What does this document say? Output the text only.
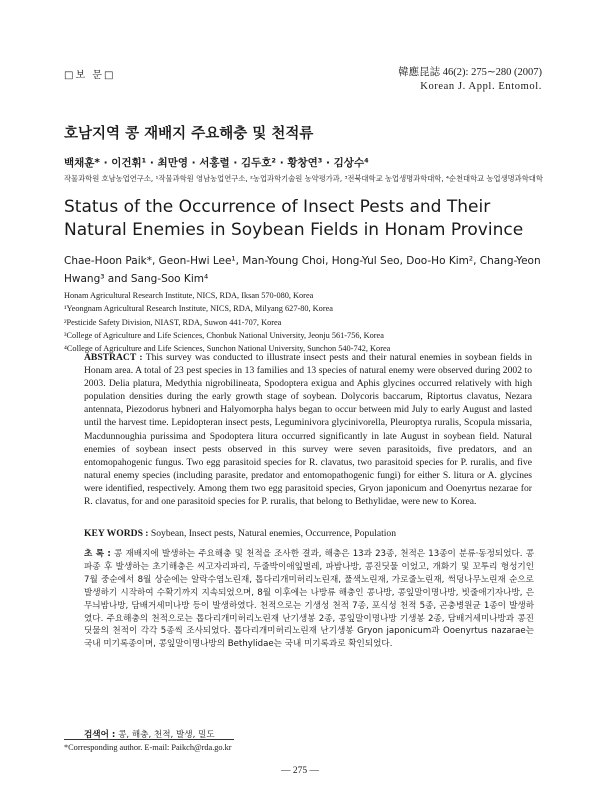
□보 문□	韓應昆誌 46(2): 275∼280 (2007)
Korean J. Appl. Entomol.
호남지역 콩 재배지 주요해충 및 천적류
백채훈* · 이건휘¹ · 최만영 · 서홍렬 · 김두호² · 황창연³ · 김상수⁴
작물과학원 호남농업연구소, ¹작물과학원 영남농업연구소, ²농업과학기술원 농약평가과, ³전북대학교 농업생명과학대학, ⁴순천대학교 농업생명과학대학
Status of the Occurrence of Insect Pests and Their Natural Enemies in Soybean Fields in Honam Province
Chae-Hoon Paik*, Geon-Hwi Lee¹, Man-Young Choi, Hong-Yul Seo, Doo-Ho Kim², Chang-Yeon Hwang³ and Sang-Soo Kim⁴
Honam Agricultural Research Institute, NICS, RDA, Iksan 570-080, Korea
¹Yeongnam Agricultural Research Institute, NICS, RDA, Milyang 627-80, Korea
²Pesticide Safety Division, NIAST, RDA, Suwon 441-707, Korea
³College of Agriculture and Life Sciences, Chonbuk National University, Jeonju 561-756, Korea
⁴College of Agriculture and Life Sciences, Sunchon National University, Sunchon 540-742, Korea
ABSTRACT : This survey was conducted to illustrate insect pests and their natural enemies in soybean fields in Honam area. A total of 23 pest species in 13 families and 13 species of natural enemy were observed during 2002 to 2003. Delia platura, Medythia nigrobilineata, Spodoptera exigua and Aphis glycines occurred relatively with high population densities during the early growth stage of soybean. Dolycoris baccarum, Riptortus clavatus, Nezara antennata, Piezodorus hybneri and Halyomorpha halys began to occur between mid July to early August and lasted until the harvest time. Lepidopteran insect pests, Leguminivora glycinivorella, Pleuroptya ruralis, Scopula missaria, Macdunnoughia purissima and Spodoptera litura occurred significantly in late August in soybean field. Natural enemies of soybean insect pests observed in this survey were seven parasitoids, five predators, and an entomopahogenic fungus. Two egg parasitoid species for R. clavatus, two parasitoid species for P. ruralis, and five natural enemy species (including parasite, predator and entomopathogenic fungi) for either S. litura or A. glycines were identified, respectively. Among them two egg parasitoid species, Gryon japonicum and Ooenyrtus nezarae for R. clavatus, for and one parasitoid species for P. ruralis, that belong to Bethylidae, were new to Korea.
KEY WORDS : Soybean, Insect pests, Natural enemies, Occurrence, Population
초 록 : 콩 재배지에 발생하는 주요해충 및 천적을 조사한 결과, 해충은 13과 23종, 천적은 13종이 분류·동정되었다. 콩 파종 후 발생하는 초기해충은 씨고자리파리, 두줄박이애잎벌레, 파밤나방, 콩진딧물 이었고, 개화기 및 꼬투리 형성기인 7월 중순에서 8월 상순에는 알락수염노린재, 톱다리개미허리노린재, 풀색노린재, 가로줄노린재, 썩덩나무노린재 순으로 발생하기 시작하여 수확기까지 지속되었으며, 8월 이후에는 나방류 해충인 콩나방, 콩잎말이명나방, 빗줄애기자나방, 은무늬밤나방, 담배거세미나방 등이 발생하였다. 천적으로는 기생성 천적 7종, 포식성 천적 5종, 곤충병원균 1종이 발생하였다. 주요해충의 천적으로는 톱다리개미허리노린재 난기생봉 2종, 콩잎말이명나방 기생봉 2종, 담배거세미나방과 콩진딧물의 천적이 각각 5종씩 조사되었다. 톱다리개미허리노린재 난기생봉 Gryon japonicum과 Ooenyrtus nazarae는 국내 미기록종이며, 콩잎말이명나방의 Bethylidae는 국내 미기록과로 확인되었다.
검색어 : 콩, 해충, 천적, 발생, 밀도
*Corresponding author. E-mail: Paikch@rda.go.kr
— 275 —
